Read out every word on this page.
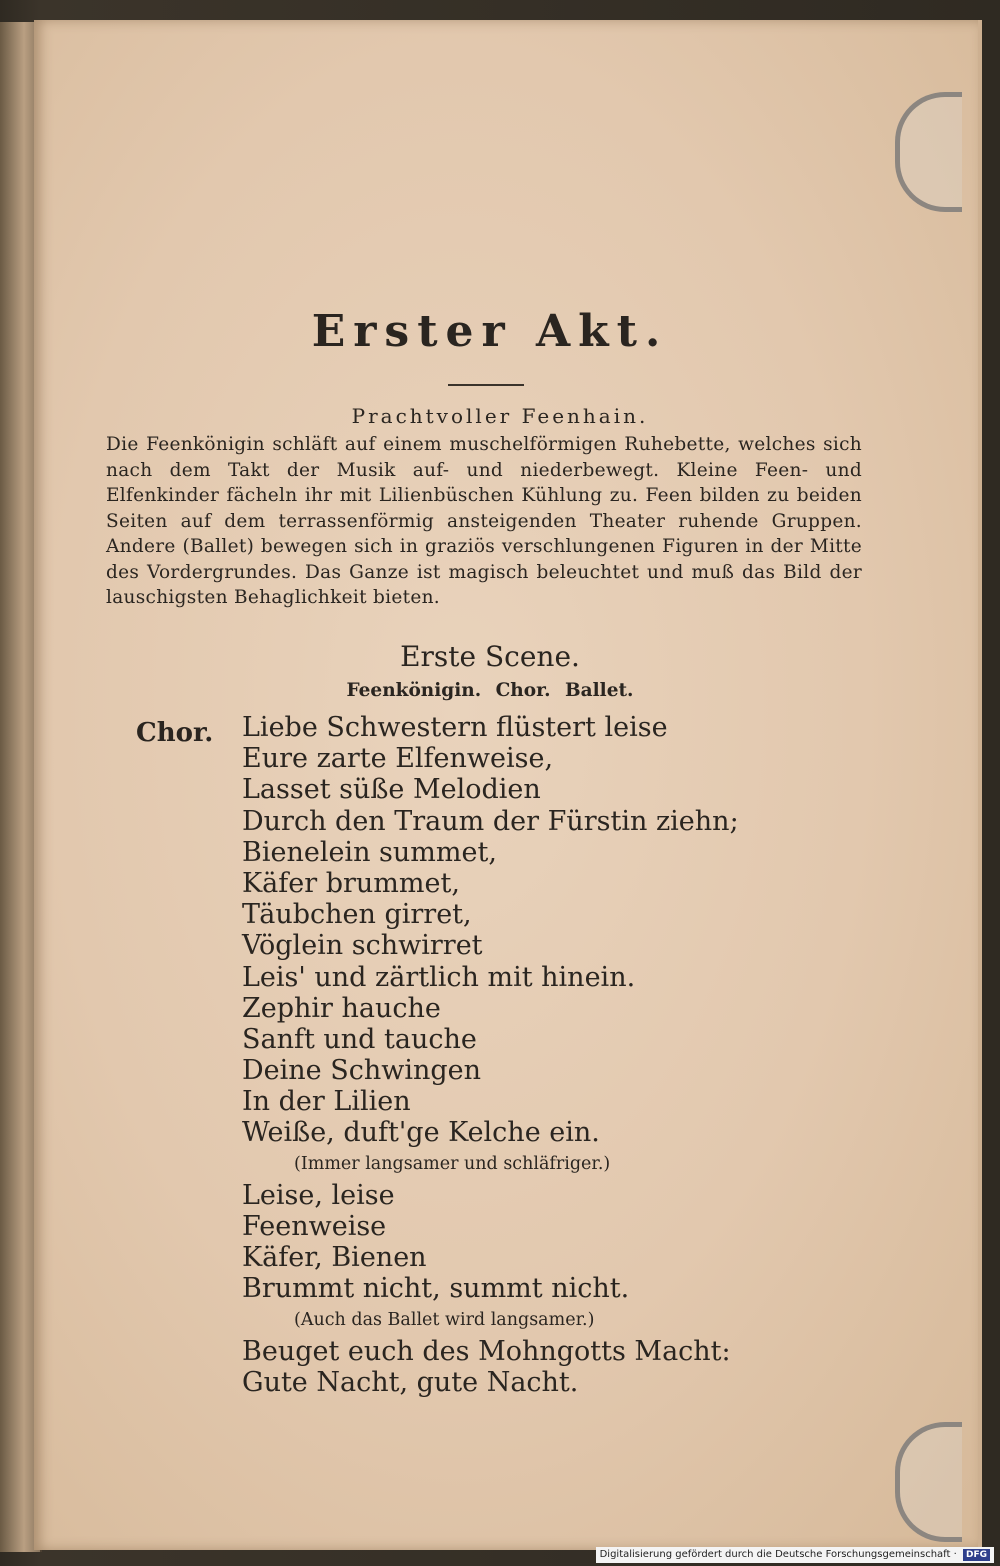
Erster Akt.
Prachtvoller Feenhain.
Die Feenkönigin schläft auf einem muschelförmigen Ruhebette, welches sich nach dem Takt der Musik auf- und niederbewegt. Kleine Feen- und Elfenkinder fächeln ihr mit Lilienbüschen Kühlung zu. Feen bilden zu beiden Seiten auf dem terrassenförmig ansteigenden Theater ruhende Gruppen. Andere (Ballet) bewegen sich in graziös verschlungenen Figuren in der Mitte des Vordergrundes. Das Ganze ist magisch beleuchtet und muß das Bild der lauschigsten Behaglichkeit bieten.
Erste Scene.
Feenkönigin. Chor. Ballet.
Chor. Liebe Schwestern flüstert leise
Eure zarte Elfenweise,
Lasset süße Melodien
Durch den Traum der Fürstin ziehn;
Bienelein summet,
Käfer brummet,
Täubchen girret,
Vöglein schwirret
Leis' und zärtlich mit hinein.
Zephir hauche
Sanft und tauche
Deine Schwingen
In der Lilien
Weiße, duft'ge Kelche ein.
(Immer langsamer und schläfriger.)
Leise, leise
Feenweise
Käfer, Bienen
Brummt nicht, summt nicht.
(Auch das Ballet wird langsamer.)
Beuget euch des Mohngotts Macht:
Gute Nacht, gute Nacht.
Digitalisierung gefördert durch die Deutsche Forschungsgemeinschaft · DFG
